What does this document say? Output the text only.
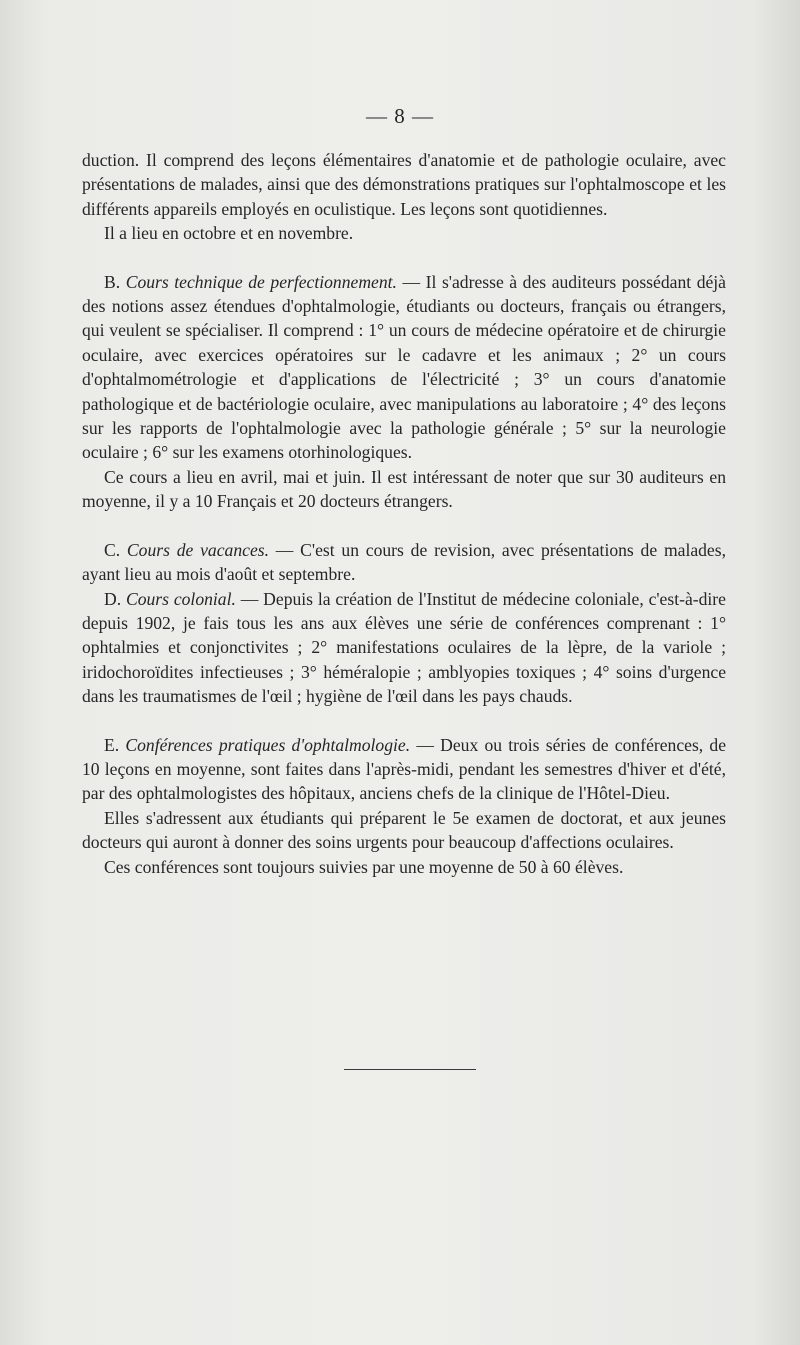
— 8 —

duction. Il comprend des leçons élémentaires d'anatomie et de pathologie oculaire, avec présentations de malades, ainsi que des démonstrations pratiques sur l'ophtalmoscope et les différents appareils employés en oculistique. Les leçons sont quotidiennes.

Il a lieu en octobre et en novembre.

B. Cours technique de perfectionnement. — Il s'adresse à des auditeurs possédant déjà des notions assez étendues d'ophtalmologie, étudiants ou docteurs, français ou étrangers, qui veulent se spécialiser. Il comprend : 1° un cours de médecine opératoire et de chirurgie oculaire, avec exercices opératoires sur le cadavre et les animaux ; 2° un cours d'ophtalmométrologie et d'applications de l'électricité ; 3° un cours d'anatomie pathologique et de bactériologie oculaire, avec manipulations au laboratoire ; 4° des leçons sur les rapports de l'ophtalmologie avec la pathologie générale ; 5° sur la neurologie oculaire ; 6° sur les examens otorhinologiques.

Ce cours a lieu en avril, mai et juin. Il est intéressant de noter que sur 30 auditeurs en moyenne, il y a 10 Français et 20 docteurs étrangers.

C. Cours de vacances. — C'est un cours de revision, avec présentations de malades, ayant lieu au mois d'août et septembre.

D. Cours colonial. — Depuis la création de l'Institut de médecine coloniale, c'est-à-dire depuis 1902, je fais tous les ans aux élèves une série de conférences comprenant : 1° ophtalmies et conjonctivites ; 2° manifestations oculaires de la lèpre, de la variole ; iridochoroïdites infectieuses ; 3° héméralopie ; amblyopies toxiques ; 4° soins d'urgence dans les traumatismes de l'œil ; hygiène de l'œil dans les pays chauds.

E. Conférences pratiques d'ophtalmologie. — Deux ou trois séries de conférences, de 10 leçons en moyenne, sont faites dans l'après-midi, pendant les semestres d'hiver et d'été, par des ophtalmologistes des hôpitaux, anciens chefs de la clinique de l'Hôtel-Dieu.

Elles s'adressent aux étudiants qui préparent le 5e examen de doctorat, et aux jeunes docteurs qui auront à donner des soins urgents pour beaucoup d'affections oculaires.

Ces conférences sont toujours suivies par une moyenne de 50 à 60 élèves.
